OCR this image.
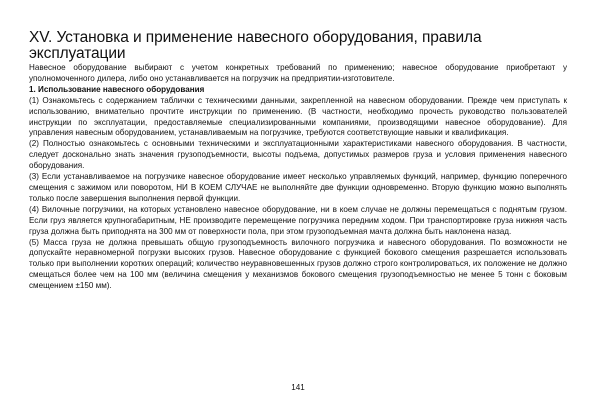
XV. Установка и применение навесного оборудования, правила эксплуатации

Навесное оборудование выбирают с учетом конкретных требований по применению; навесное оборудование приобретают у уполномоченного дилера, либо оно устанавливается на погрузчик на предприятии-изготовителе.

1. Использование навесного оборудования

(1) Ознакомьтесь с содержанием таблички с техническими данными, закрепленной на навесном оборудовании. Прежде чем приступать к использованию, внимательно прочтите инструкции по применению. (В частности, необходимо прочесть руководство пользователей инструкции по эксплуатации, предоставляемые специализированными компаниями, производящими навесное оборудование). Для управления навесным оборудованием, устанавливаемым на погрузчике, требуются соответствующие навыки и квалификация.

(2) Полностью ознакомьтесь с основными техническими и эксплуатационными характеристиками навесного оборудования. В частности, следует досконально знать значения грузоподъемности, высоты подъема, допустимых размеров груза и условия применения навесного оборудования.

(3) Если устанавливаемое на погрузчике навесное оборудование имеет несколько управляемых функций, например, функцию поперечного смещения с зажимом или поворотом, НИ В КОЕМ СЛУЧАЕ не выполняйте две функции одновременно. Вторую функцию можно выполнять только после завершения выполнения первой функции.

(4) Вилочные погрузчики, на которых установлено навесное оборудование, ни в коем случае не должны перемещаться с поднятым грузом. Если груз является крупногабаритным, НЕ производите перемещение погрузчика передним ходом. При транспортировке груза нижняя часть груза должна быть приподнята на 300 мм от поверхности пола, при этом грузоподъемная мачта должна быть наклонена назад.

(5) Масса груза не должна превышать общую грузоподъемность вилочного погрузчика и навесного оборудования. По возможности не допускайте неравномерной погрузки высоких грузов. Навесное оборудование с функцией бокового смещения разрешается использовать только при выполнении коротких операций; количество неуравновешенных грузов должно строго контролироваться, их положение не должно смещаться более чем на 100 мм (величина смещения у механизмов бокового смещения грузоподъемностью не менее 5 тонн с боковым смещением ±150 мм).

141
